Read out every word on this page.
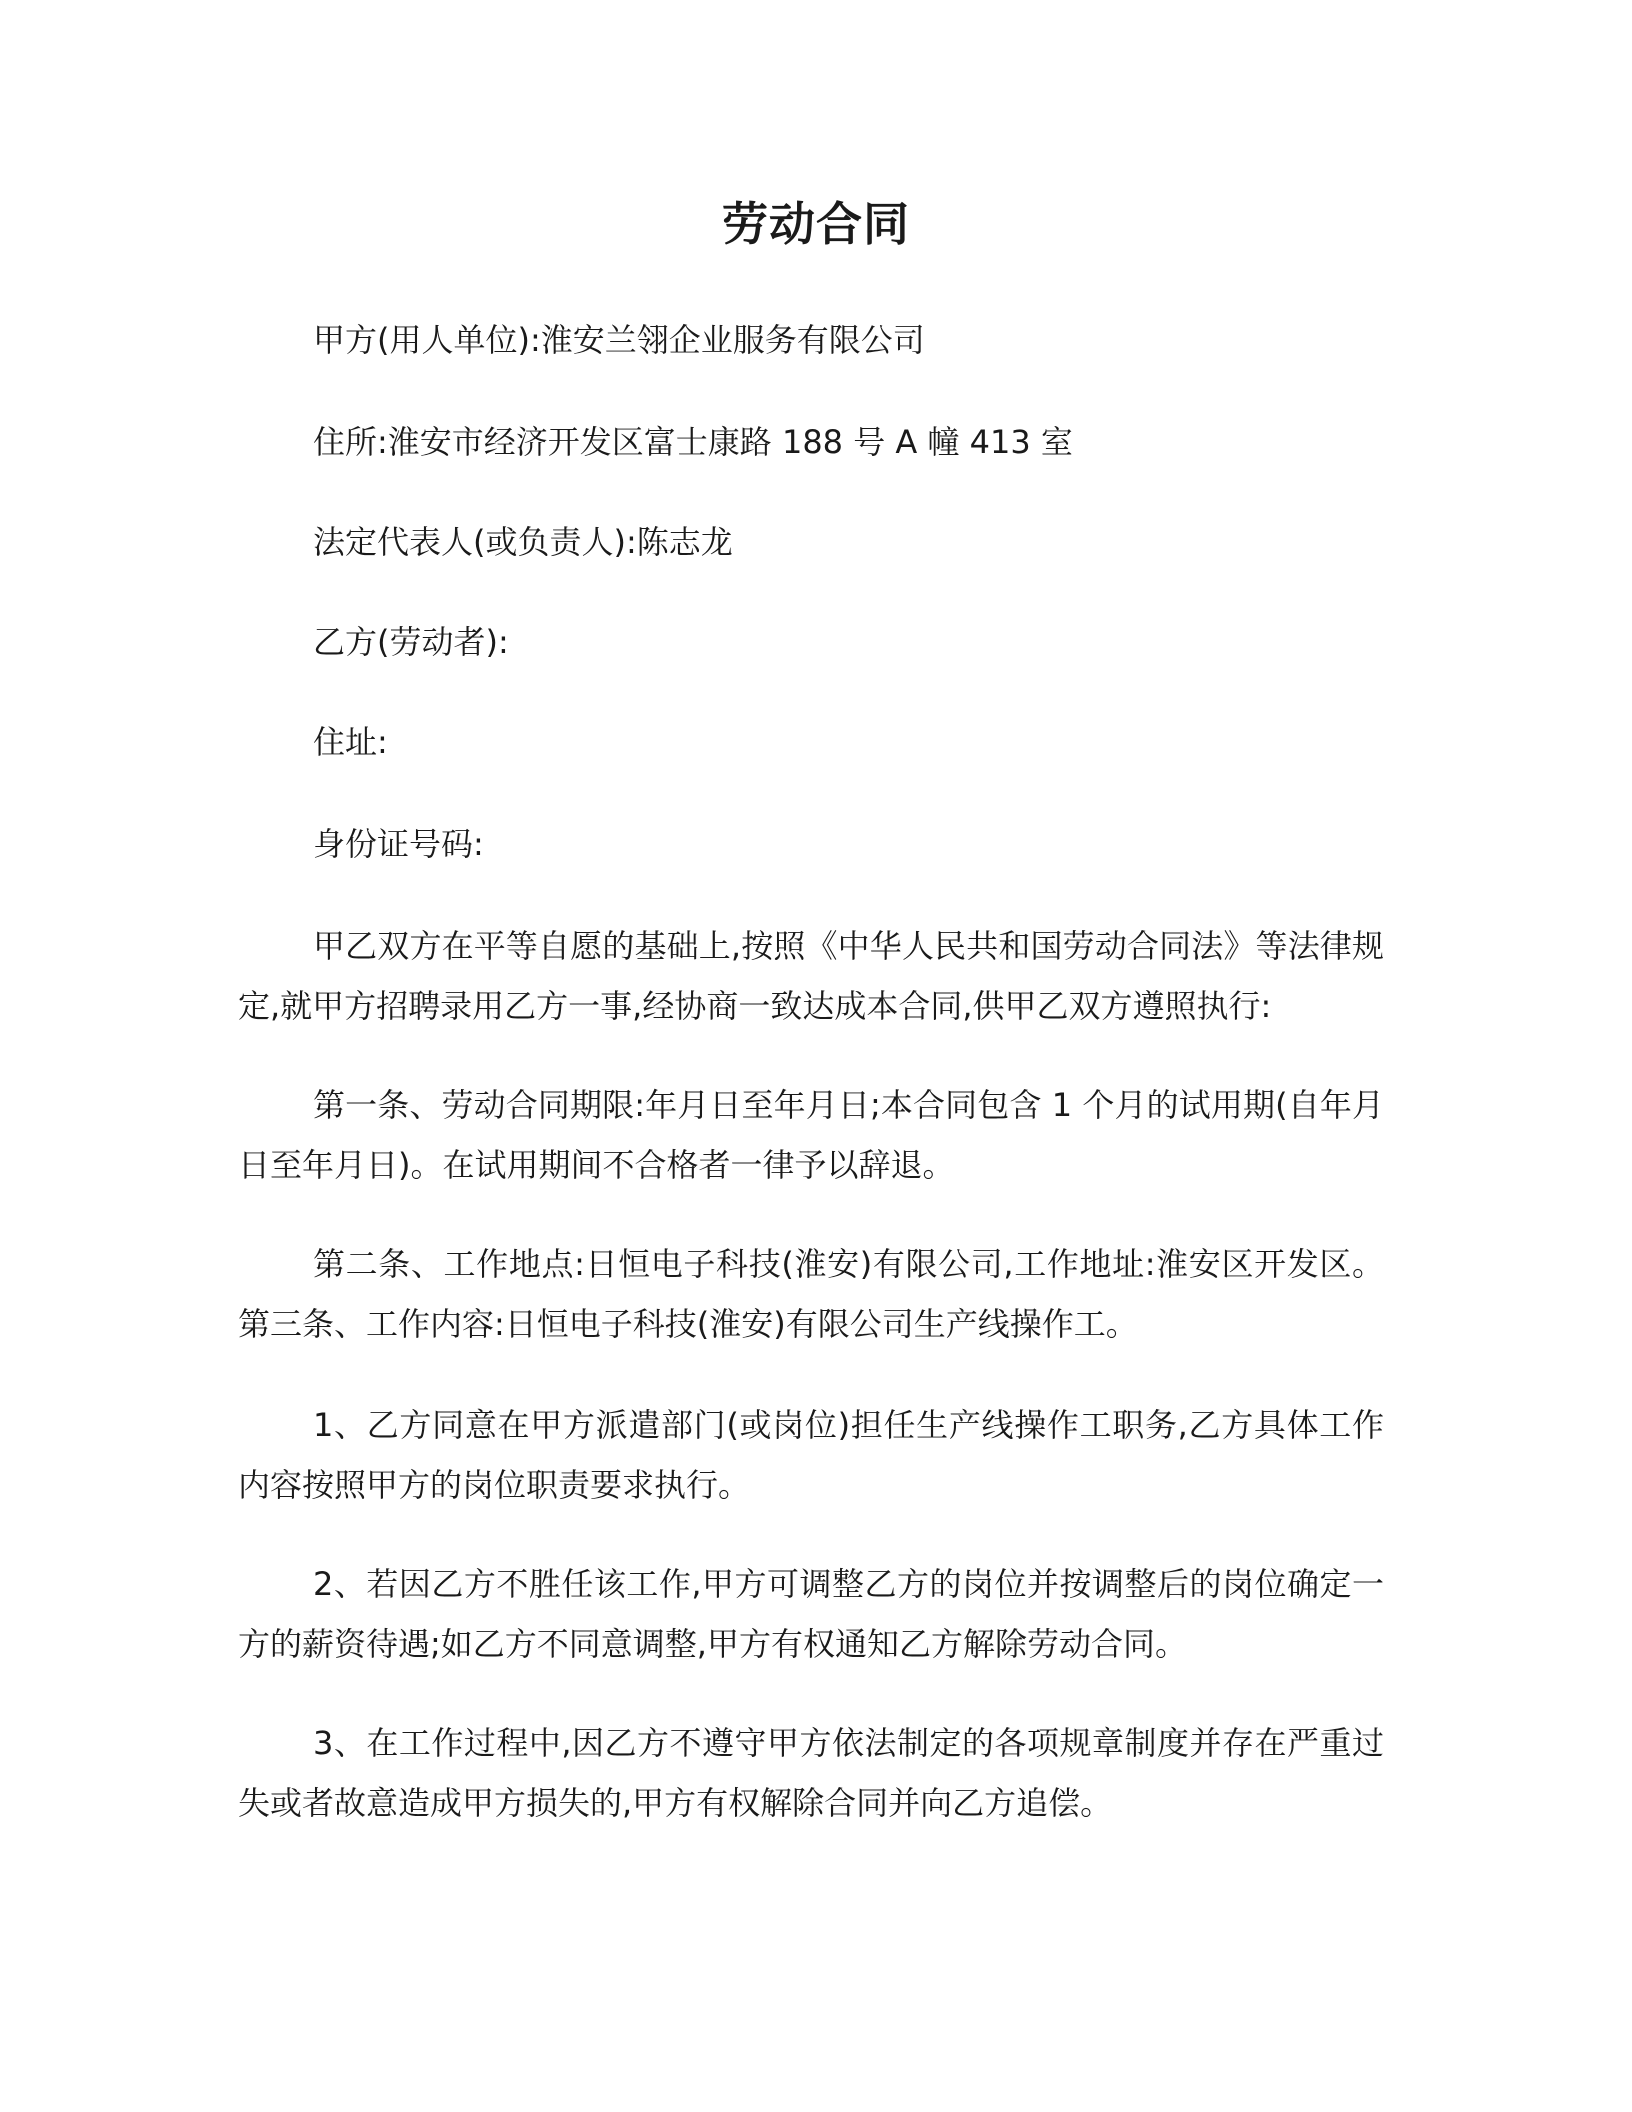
劳动合同
甲方(用人单位):淮安兰翎企业服务有限公司
住所:淮安市经济开发区富士康路 188 号 A 幢 413 室
法定代表人(或负责人):陈志龙
乙方(劳动者):
住址:
身份证号码:

甲乙双方在平等自愿的基础上,按照《中华人民共和国劳动合同法》等法律规定,就甲方招聘录用乙方一事,经协商一致达成本合同,供甲乙双方遵照执行:

第一条、劳动合同期限:年月日至年月日;本合同包含 1 个月的试用期(自年月日至年月日)。在试用期间不合格者一律予以辞退。

第二条、工作地点:日恒电子科技(淮安)有限公司,工作地址:淮安区开发区。第三条、工作内容:日恒电子科技(淮安)有限公司生产线操作工。

1、乙方同意在甲方派遣部门(或岗位)担任生产线操作工职务,乙方具体工作内容按照甲方的岗位职责要求执行。

2、若因乙方不胜任该工作,甲方可调整乙方的岗位并按调整后的岗位确定一方的薪资待遇;如乙方不同意调整,甲方有权通知乙方解除劳动合同。

3、在工作过程中,因乙方不遵守甲方依法制定的各项规章制度并存在严重过失或者故意造成甲方损失的,甲方有权解除合同并向乙方追偿。
